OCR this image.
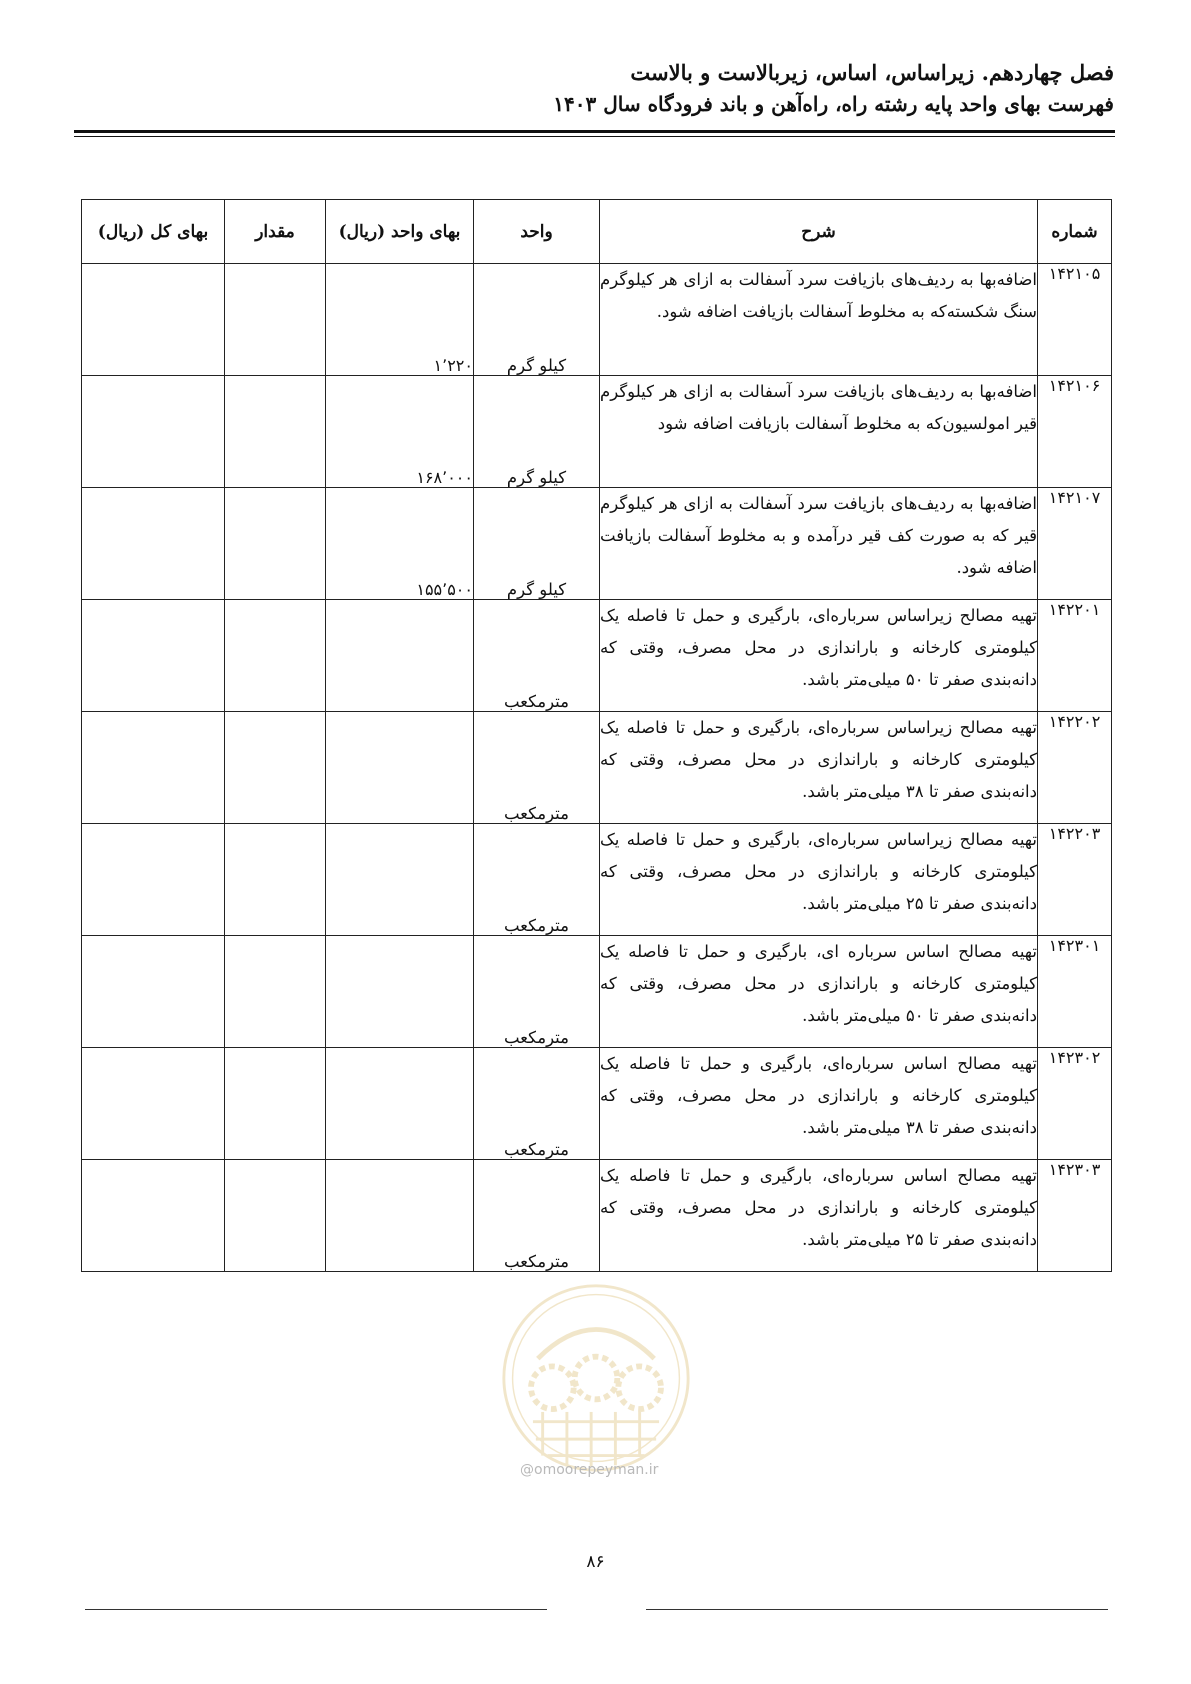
فصل چهاردهم. زیراساس، اساس، زیربالاست و بالاست
فهرست بهای واحد پایه رشته راه، راه‌آهن و باند فرودگاه سال ۱۴۰۳
شماره	شرح	واحد	بهای واحد (ریال)	مقدار	بهای کل (ریال)
۱۴۲۱۰۵	اضافه‌بها به ردیف‌های بازیافت سرد آسفالت به ازای هر کیلوگرم سنگ شکسته‌که به مخلوط آسفالت بازیافت اضافه شود.	کیلو گرم	۱٬۲۲۰		
۱۴۲۱۰۶	اضافه‌بها به ردیف‌های بازیافت سرد آسفالت به ازای هر کیلوگرم قیر امولسیون‌که به مخلوط آسفالت بازیافت اضافه شود	کیلو گرم	۱۶۸٬۰۰۰		
۱۴۲۱۰۷	اضافه‌بها به ردیف‌های بازیافت سرد آسفالت به ازای هر کیلوگرم قیر که به صورت کف قیر درآمده و به مخلوط آسفالت بازیافت اضافه شود.	کیلو گرم	۱۵۵٬۵۰۰		
۱۴۲۲۰۱	تهیه مصالح زیراساس سربار‌ه‌ای، بارگیری و حمل تا فاصله یک کیلومتری کارخانه و باراندازی در محل مصرف، وقتی که دانه‌بندی صفر تا ۵۰ میلی‌متر باشد.	مترمکعب			
۱۴۲۲۰۲	تهیه مصالح زیراساس سربار‌ه‌ای، بارگیری و حمل تا فاصله یک کیلومتری کارخانه و باراندازی در محل مصرف، وقتی که دانه‌بندی صفر تا ۳۸ میلی‌متر باشد.	مترمکعب			
۱۴۲۲۰۳	تهیه مصالح زیراساس سربار‌ه‌ای، بارگیری و حمل تا فاصله یک کیلومتری کارخانه و باراندازی در محل مصرف، وقتی که دانه‌بندی صفر تا ۲۵ میلی‌متر باشد.	مترمکعب			
۱۴۲۳۰۱	تهیه مصالح اساس سرباره ای، بارگیری و حمل تا فاصله یک کیلومتری کارخانه و باراندازی در محل مصرف، وقتی که دانه‌بندی صفر تا ۵۰ میلی‌متر باشد.	مترمکعب			
۱۴۲۳۰۲	تهیه مصالح اساس سربار‌ه‌ای، بارگیری و حمل تا فاصله یک کیلومتری کارخانه و باراندازی در محل مصرف، وقتی که دانه‌بندی صفر تا ۳۸ میلی‌متر باشد.	مترمکعب			
۱۴۲۳۰۳	تهیه مصالح اساس سربار‌ه‌ای، بارگیری و حمل تا فاصله یک کیلومتری کارخانه و باراندازی در محل مصرف، وقتی که دانه‌بندی صفر تا ۲۵ میلی‌متر باشد.	مترمکعب			
@omoorepeyman.ir
۸۶
